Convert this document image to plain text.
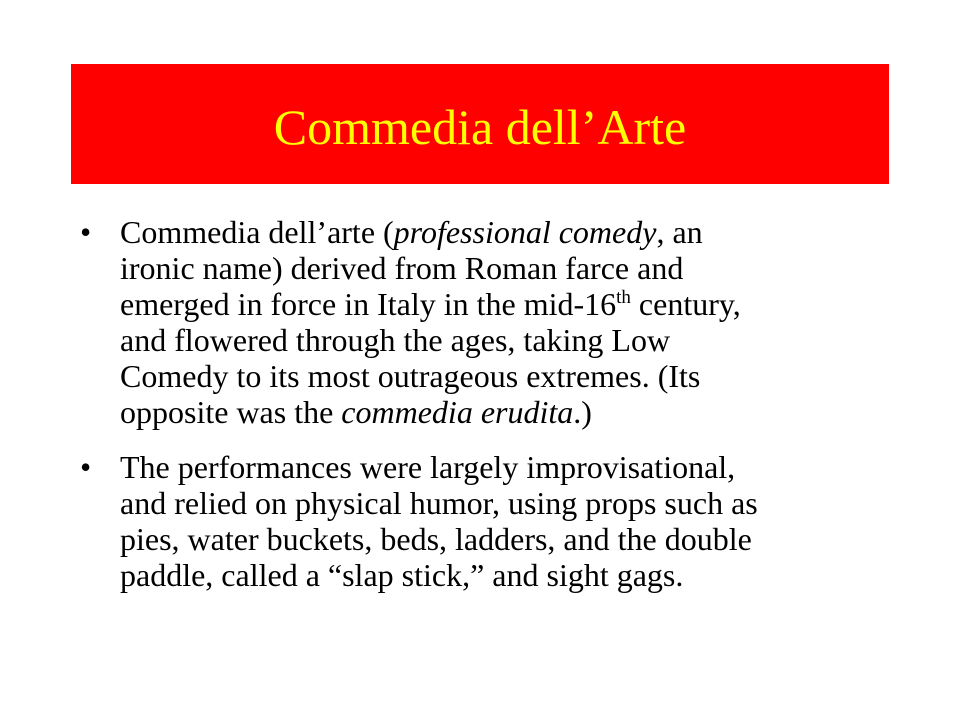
Commedia dell’Arte
• Commedia dell’arte (professional comedy, an
ironic name) derived from Roman farce and
emerged in force in Italy in the mid-16th century,
and flowered through the ages, taking Low
Comedy to its most outrageous extremes. (Its
opposite was the commedia erudita.)
• The performances were largely improvisational,
and relied on physical humor, using props such as
pies, water buckets, beds, ladders, and the double
paddle, called a “slap stick,” and sight gags.
